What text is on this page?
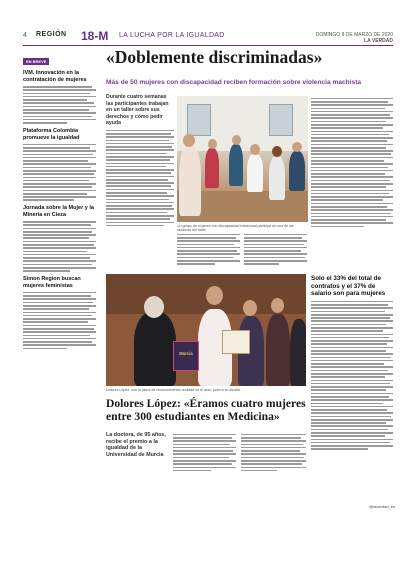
4 REGIÓN 18-M LA LUCHA POR LA IGUALDAD	DOMINGO 8 DE MARZO DE 2020
LA VERDAD
EN BREVE
IVM. Innovación en la contratación de mujeres
Plataforma Colombia promueve la igualdad
Jornada sobre la Mujer y la Minería en Cieza
Simon Region buscan mujeres feministas
«Doblemente discriminadas»
Más de 50 mujeres con discapacidad reciben formación sobre violencia machista
Durante cuatro semanas las participantes trabajan en un taller sobre sus derechos y cómo pedir ayuda
Un grupo de mujeres con discapacidad intelectual participa en una de las sesiones del taller.
Murcia
Dolores López, con la placa de reconocimiento recibida en el acto, junto a su familia.
Solo el 33% del total de contratos y el 37% de salario son para mujeres
Dolores López: «Éramos cuatro mujeres entre 300 estudiantes en Medicina»
La doctora, de 95 años, recibe el premio a la igualdad de la Universidad de Murcia
@laverdad_es
